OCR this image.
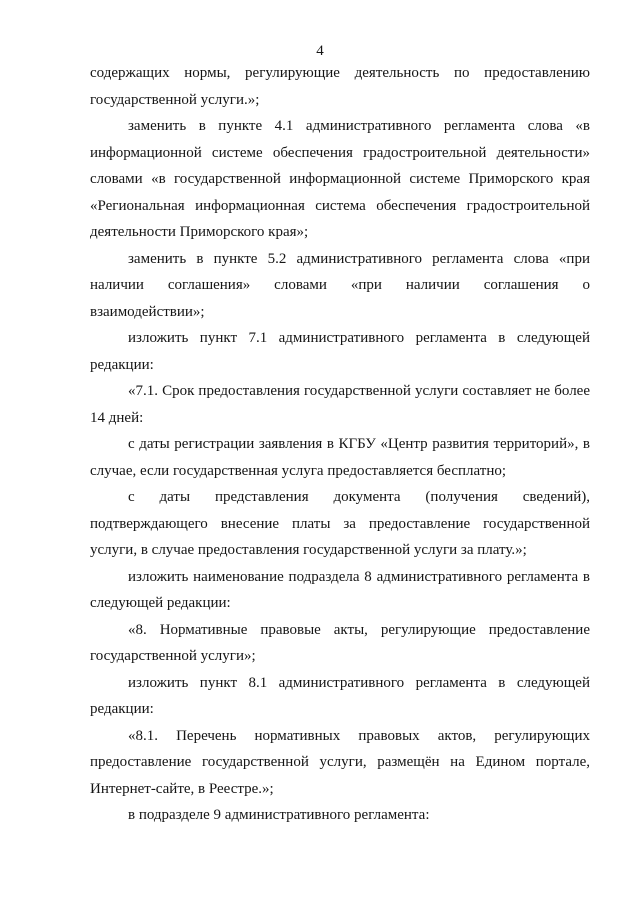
4
содержащих нормы, регулирующие деятельность по предоставлению
государственной услуги.»;
заменить в пункте 4.1 административного регламента слова «в
информационной системе обеспечения градостроительной деятельности»
словами «в государственной информационной системе Приморского края
«Региональная информационная система обеспечения градостроительной
деятельности Приморского края»;
заменить в пункте 5.2 административного регламента слова «при
наличии соглашения» словами «при наличии соглашения о
взаимодействии»;
изложить пункт 7.1 административного регламента в следующей
редакции:
«7.1. Срок предоставления государственной услуги составляет не более
14 дней:
с даты регистрации заявления в КГБУ «Центр развития территорий», в
случае, если государственная услуга предоставляется бесплатно;
с даты представления документа (получения сведений),
подтверждающего внесение платы за предоставление государственной
услуги, в случае предоставления государственной услуги за плату.»;
изложить наименование подраздела 8 административного регламента в
следующей редакции:
«8. Нормативные правовые акты, регулирующие предоставление
государственной услуги»;
изложить пункт 8.1 административного регламента в следующей
редакции:
«8.1. Перечень нормативных правовых актов, регулирующих
предоставление государственной услуги, размещён на Едином портале,
Интернет-сайте, в Реестре.»;
в подразделе 9 административного регламента:
